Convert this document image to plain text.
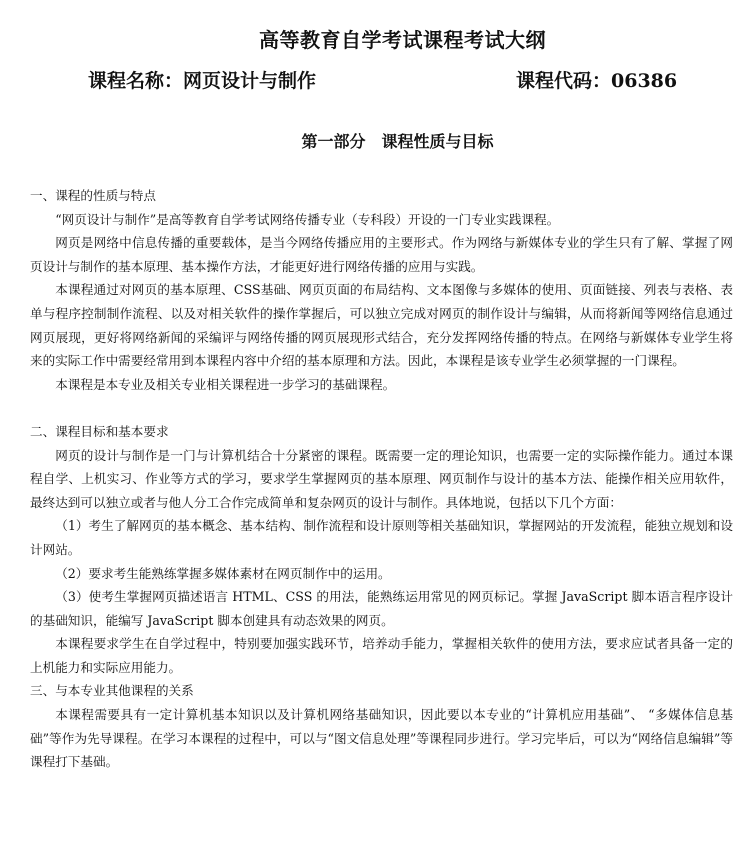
高等教育自学考试课程考试大纲
课程名称：网页设计与制作	课程代码：06386
第一部分　课程性质与目标

一、课程的性质与特点

“网页设计与制作”是高等教育自学考试网络传播专业（专科段）开设的一门专业实践课程。

网页是网络中信息传播的重要载体，是当今网络传播应用的主要形式。作为网络与新媒体专业的学生只有了解、掌握了网页设计与制作的基本原理、基本操作方法，才能更好进行网络传播的应用与实践。

本课程通过对网页的基本原理、CSS基础、网页页面的布局结构、文本图像与多媒体的使用、页面链接、列表与表格、表单与程序控制制作流程、以及对相关软件的操作掌握后，可以独立完成对网页的制作设计与编辑，从而将新闻等网络信息通过网页展现，更好将网络新闻的采编评与网络传播的网页展现形式结合，充分发挥网络传播的特点。在网络与新媒体专业学生将来的实际工作中需要经常用到本课程内容中介绍的基本原理和方法。因此，本课程是该专业学生必须掌握的一门课程。

本课程是本专业及相关专业相关课程进一步学习的基础课程。

二、课程目标和基本要求

网页的设计与制作是一门与计算机结合十分紧密的课程。既需要一定的理论知识，也需要一定的实际操作能力。通过本课程自学、上机实习、作业等方式的学习，要求学生掌握网页的基本原理、网页制作与设计的基本方法、能操作相关应用软件，最终达到可以独立或者与他人分工合作完成简单和复杂网页的设计与制作。具体地说，包括以下几个方面：

（1）考生了解网页的基本概念、基本结构、制作流程和设计原则等相关基础知识，掌握网站的开发流程，能独立规划和设计网站。

（2）要求考生能熟练掌握多媒体素材在网页制作中的运用。

（3）使考生掌握网页描述语言 HTML、CSS 的用法，能熟练运用常见的网页标记。掌握 JavaScript 脚本语言程序设计的基础知识，能编写 JavaScript 脚本创建具有动态效果的网页。

本课程要求学生在自学过程中，特别要加强实践环节，培养动手能力，掌握相关软件的使用方法，要求应试者具备一定的上机能力和实际应用能力。

三、与本专业其他课程的关系

本课程需要具有一定计算机基本知识以及计算机网络基础知识，因此要以本专业的“计算机应用基础”、 “多媒体信息基础”等作为先导课程。在学习本课程的过程中，可以与“图文信息处理”等课程同步进行。学习完毕后，可以为“网络信息编辑”等课程打下基础。
